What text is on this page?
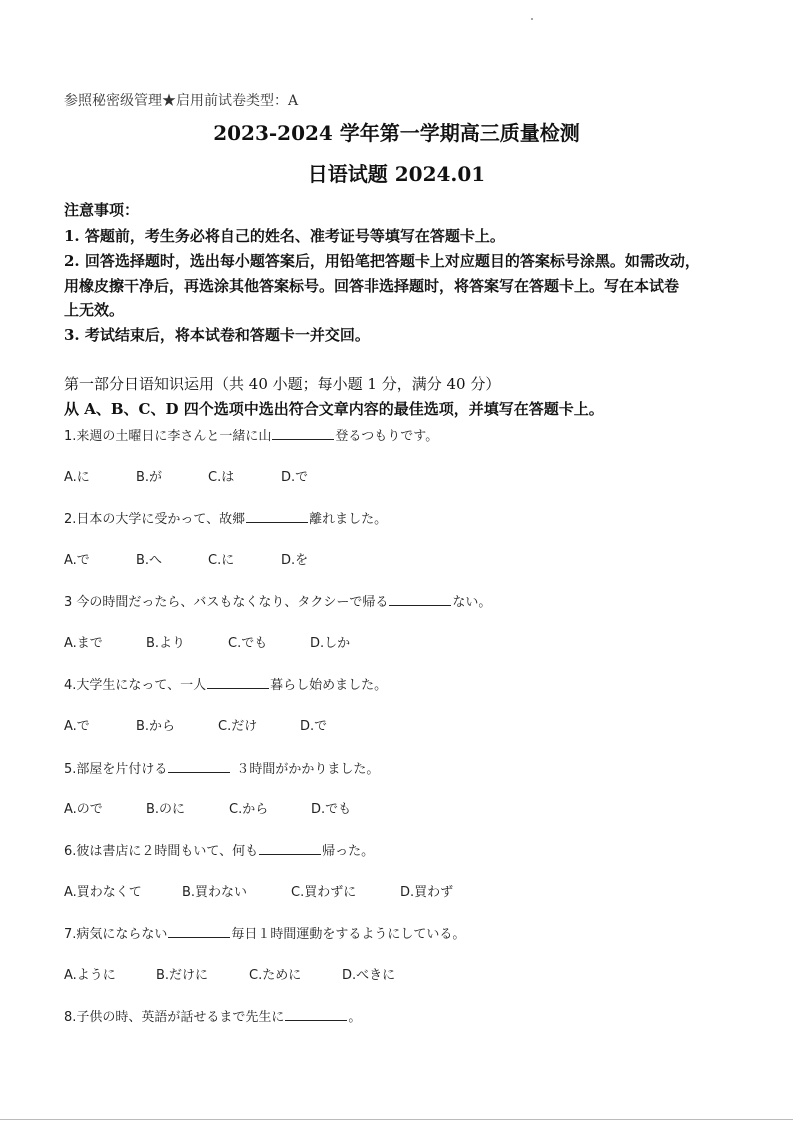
参照秘密级管理★启用前试卷类型：A
2023-2024 学年第一学期高三质量检测
日语试题 2024.01
注意事项：
1. 答题前，考生务必将自己的姓名、准考证号等填写在答题卡上。
2. 回答选择题时，选出每小题答案后，用铅笔把答题卡上对应题目的答案标号涂黑。如需改动，
用橡皮擦干净后，再选涂其他答案标号。回答非选择题时，将答案写在答题卡上。写在本试卷
上无效。
3. 考试结束后，将本试卷和答题卡一并交回。
第一部分日语知识运用（共 40 小题；每小题 1 分，满分 40 分）
从 A、B、C、D 四个选项中选出符合文章内容的最佳选项，并填写在答题卡上。
1.来週の土曜日に李さんと一緒に山	登るつもりです。
A.に	B.が	C.は	D.で
2.日本の大学に受かって、故郷	離れました。
A.で	B.へ	C.に	D.を
3 今の時間だったら、バスもなくなり、タクシーで帰る	ない。
A.まで	B.より	C.でも	D.しか
4.大学生になって、一人	暮らし始めました。
A.で	B.から	C.だけ	D.で
5.部屋を片付ける	３時間がかかりました。
A.ので	B.のに	C.から	D.でも
6.彼は書店に２時間もいて、何も	帰った。
A.買わなくて	B.買わない	C.買わずに	D.買わず
7.病気にならない	毎日１時間運動をするようにしている。
A.ように	B.だけに	C.ために	D.べきに
8.子供の時、英語が話せるまで先生に	。
